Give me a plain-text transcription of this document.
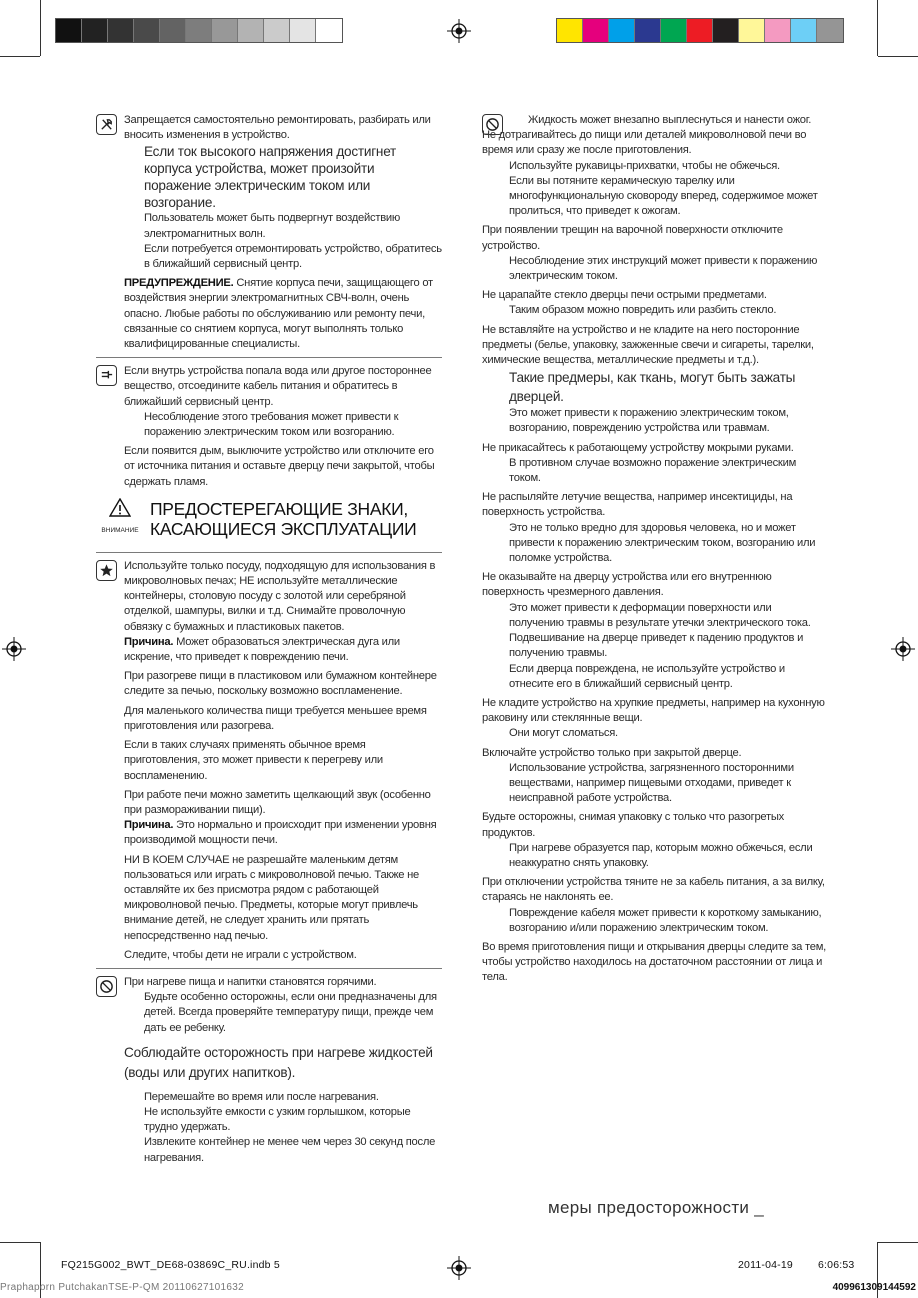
Запрещается самостоятельно ремонтировать, разбирать или вносить изменения в устройство.

Если ток высокого напряжения достигнет корпуса устройства, может произойти поражение электрическим током или возгорание.

Пользователь может быть подвергнут воздействию электромагнитных волн.

Если потребуется отремонтировать устройство, обратитесь в ближайший сервисный центр.

ПРЕДУПРЕЖДЕНИЕ. Снятие корпуса печи, защищающего от воздействия энергии электромагнитных СВЧ-волн, очень опасно. Любые работы по обслуживанию или ремонту печи, связанные со снятием корпуса, могут выполнять только квалифицированные специалисты.

Если внутрь устройства попала вода или другое постороннее вещество, отсоедините кабель питания и обратитесь в ближайший сервисный центр.

Несоблюдение этого требования может привести к поражению электрическим током или возгоранию.

Если появится дым, выключите устройство или отключите его от источника питания и оставьте дверцу печи закрытой, чтобы сдержать пламя.

ВНИМАНИЕ
ПРЕДОСТЕРЕГАЮЩИЕ ЗНАКИ,
КАСАЮЩИЕСЯ ЭКСПЛУАТАЦИИ

Используйте только посуду, подходящую для использования в микроволновых печах; НЕ используйте металлические контейнеры, столовую посуду с золотой или серебряной отделкой, шампуры, вилки и т.д. Снимайте проволочную обвязку с бумажных и пластиковых пакетов.

Причина. Может образоваться электрическая дуга или искрение, что приведет к повреждению печи.

При разогреве пищи в пластиковом или бумажном контейнере следите за печью, поскольку возможно воспламенение.

Для маленького количества пищи требуется меньшее время приготовления или разогрева.

Если в таких случаях применять обычное время приготовления, это может привести к перегреву или воспламенению.

При работе печи можно заметить щелкающий звук (особенно при размораживании пищи).

Причина. Это нормально и происходит при изменении уровня производимой мощности печи.

НИ В КОЕМ СЛУЧАЕ не разрешайте маленьким детям пользоваться или играть с микроволновой печью. Также не оставляйте их без присмотра рядом с работающей микроволновой печью. Предметы, которые могут привлечь внимание детей, не следует хранить или прятать непосредственно над печью.

Следите, чтобы дети не играли с устройством.

При нагреве пища и напитки становятся горячими.

Будьте особенно осторожны, если они предназначены для детей. Всегда проверяйте температуру пищи, прежде чем дать ее ребенку.

Соблюдайте осторожность при нагреве жидкостей (воды или других напитков).

Перемешайте во время или после нагревания.

Не используйте емкости с узким горлышком, которые трудно удержать.

Извлеките контейнер не менее чем через 30 секунд после нагревания.

Жидкость может внезапно выплеснуться и нанести ожог.

Не дотрагивайтесь до пищи или деталей микроволновой печи во время или сразу же после приготовления.

Используйте рукавицы-прихватки, чтобы не обжечься.

Если вы потяните керамическую тарелку или многофункциональную сковороду вперед, содержимое может пролиться, что приведет к ожогам.

При появлении трещин на варочной поверхности отключите устройство.

Несоблюдение этих инструкций может привести к поражению электрическим током.

Не царапайте стекло дверцы печи острыми предметами.

Таким образом можно повредить или разбить стекло.

Не вставляйте на устройство и не кладите на него посторонние предметы (белье, упаковку, зажженные свечи и сигареты, тарелки, химические вещества, металлические предметы и т.д.).

Такие предмеры, как ткань, могут быть зажаты дверцей.

Это может привести к поражению электрическим током, возгоранию, повреждению устройства или травмам.

Не прикасайтесь к работающему устройству мокрыми руками.

В противном случае возможно поражение электрическим током.

Не распыляйте летучие вещества, например инсектициды, на поверхность устройства.

Это не только вредно для здоровья человека, но и может привести к поражению электрическим током, возгоранию или поломке устройства.

Не оказывайте на дверцу устройства или его внутреннюю поверхность чрезмерного давления.

Это может привести к деформации поверхности или получению травмы в результате утечки электрического тока.

Подвешивание на дверце приведет к падению продуктов и получению травмы.

Если дверца повреждена, не используйте устройство и отнесите его в ближайший сервисный центр.

Не кладите устройство на хрупкие предметы, например на кухонную раковину или стеклянные вещи.

Они могут сломаться.

Включайте устройство только при закрытой дверце.

Использование устройства, загрязненного посторонними веществами, например пищевыми отходами, приведет к неисправной работе устройства.

Будьте осторожны, снимая упаковку с только что разогретых продуктов.

При нагреве образуется пар, которым можно обжечься, если неаккуратно снять упаковку.

При отключении устройства тяните не за кабель питания, а за вилку, стараясь не наклонять ее.

Повреждение кабеля может привести к короткому замыканию, возгоранию и/или поражению электрическим током.

Во время приготовления пищи и открывания дверцы следите за тем, чтобы устройство находилось на достаточном расстоянии от лица и тела.

меры предосторожности _
FQ215G002_BWT_DE68-03869C_RU.indb 5	2011-04-19 6:06:53
Praphaporn PutchakanTSE-P-QM 20110627101632	409961309144592
